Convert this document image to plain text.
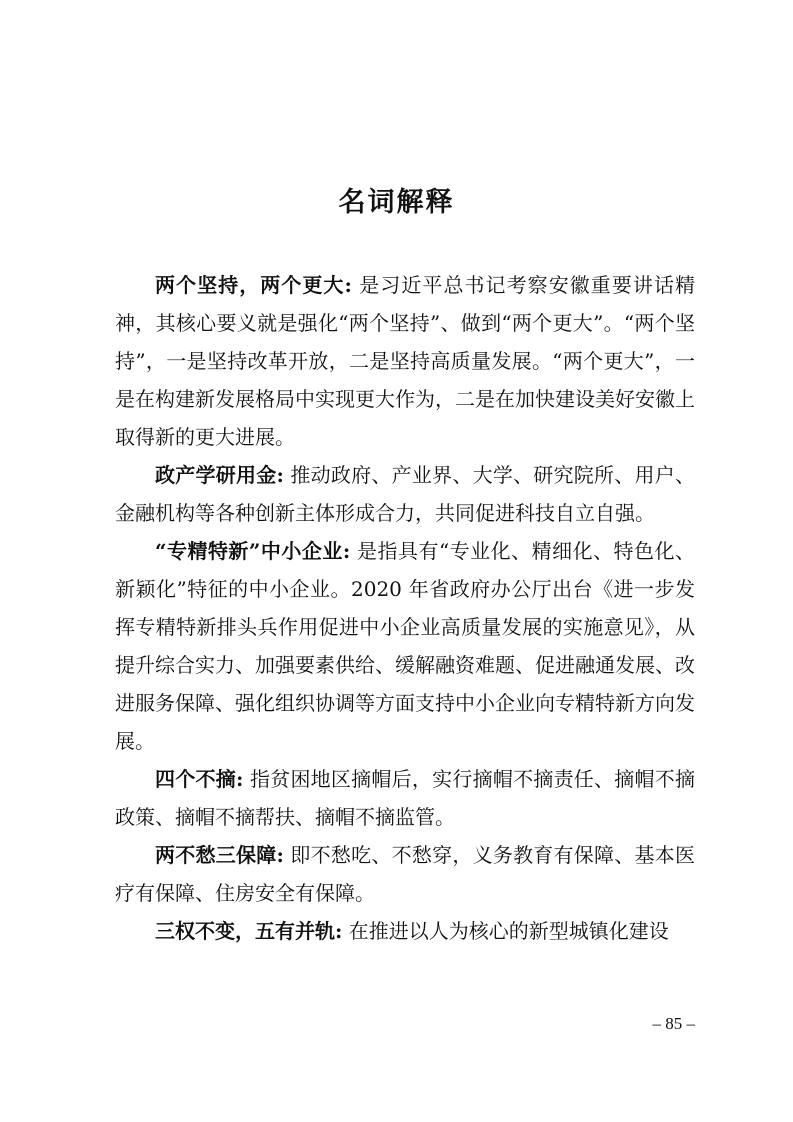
名词解释

两个坚持，两个更大: 是习近平总书记考察安徽重要讲话精神，其核心要义就是强化“两个坚持”、做到“两个更大”。“两个坚持”，一是坚持改革开放，二是坚持高质量发展。“两个更大”，一是在构建新发展格局中实现更大作为，二是在加快建设美好安徽上取得新的更大进展。

政产学研用金: 推动政府、产业界、大学、研究院所、用户、金融机构等各种创新主体形成合力，共同促进科技自立自强。

“专精特新”中小企业: 是指具有“专业化、精细化、特色化、新颖化”特征的中小企业。2020 年省政府办公厅出台《进一步发挥专精特新排头兵作用促进中小企业高质量发展的实施意见》，从提升综合实力、加强要素供给、缓解融资难题、促进融通发展、改进服务保障、强化组织协调等方面支持中小企业向专精特新方向发展。

四个不摘: 指贫困地区摘帽后，实行摘帽不摘责任、摘帽不摘政策、摘帽不摘帮扶、摘帽不摘监管。

两不愁三保障: 即不愁吃、不愁穿，义务教育有保障、基本医疗有保障、住房安全有保障。

三权不变，五有并轨: 在推进以人为核心的新型城镇化建设

– 85 –
